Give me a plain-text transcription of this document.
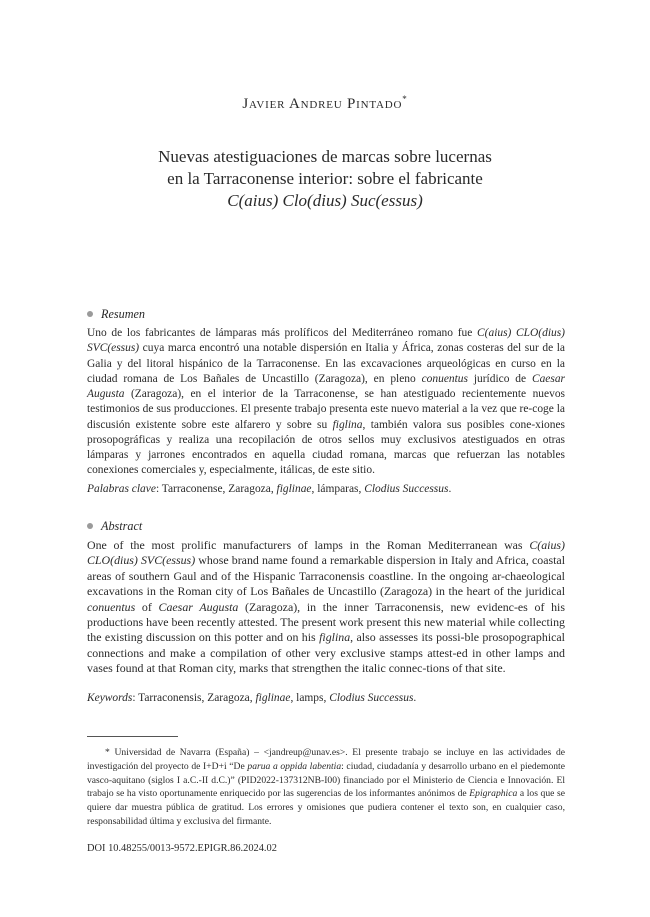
Javier Andreu Pintado*
Nuevas atestiguaciones de marcas sobre lucernas
en la Tarraconense interior: sobre el fabricante
C(aius) Clo(dius) Suc(essus)
Resumen
Uno de los fabricantes de lámparas más prolíficos del Mediterráneo romano fue C(aius) CLO(dius) SVC(essus) cuya marca encontró una notable dispersión en Italia y África, zonas costeras del sur de la Galia y del litoral hispánico de la Tarraconense. En las excavaciones arqueológicas en curso en la ciudad romana de Los Bañales de Uncastillo (Zaragoza), en pleno conuentus jurídico de Caesar Augusta (Zaragoza), en el interior de la Tarraconense, se han atestiguado recientemente nuevos testimonios de sus producciones. El presente trabajo presenta este nuevo material a la vez que re-coge la discusión existente sobre este alfarero y sobre su figlina, también valora sus posibles cone-xiones prosopográficas y realiza una recopilación de otros sellos muy exclusivos atestiguados en otras lámparas y jarrones encontrados en aquella ciudad romana, marcas que refuerzan las notables conexiones comerciales y, especialmente, itálicas, de este sitio.
Palabras clave: Tarraconense, Zaragoza, figlinae, lámparas, Clodius Successus.
Abstract
One of the most prolific manufacturers of lamps in the Roman Mediterranean was C(aius) CLO(dius) SVC(essus) whose brand name found a remarkable dispersion in Italy and Africa, coastal areas of southern Gaul and of the Hispanic Tarraconensis coastline. In the ongoing ar-chaeological excavations in the Roman city of Los Bañales de Uncastillo (Zaragoza) in the heart of the juridical conuentus of Caesar Augusta (Zaragoza), in the inner Tarraconensis, new evidenc-es of his productions have been recently attested. The present work present this new material while collecting the existing discussion on this potter and on his figlina, also assesses its possi-ble prosopographical connections and make a compilation of other very exclusive stamps attest-ed in other lamps and vases found at that Roman city, marks that strengthen the italic connec-tions of that site.
Keywords: Tarraconensis, Zaragoza, figlinae, lamps, Clodius Successus.
* Universidad de Navarra (España) – <jandreup@unav.es>. El presente trabajo se incluye en las actividades de investigación del proyecto de I+D+i “De parua a oppida labentia: ciudad, ciudadanía y desarrollo urbano en el piedemonte vasco-aquitano (siglos I a.C.-II d.C.)” (PID2022-137312NB-I00) financiado por el Ministerio de Ciencia e Innovación. El trabajo se ha visto oportunamente enriquecido por las sugerencias de los informantes anónimos de Epigraphica a los que se quiere dar muestra pública de gratitud. Los errores y omisiones que pudiera contener el texto son, en cualquier caso, responsabilidad última y exclusiva del firmante.
DOI 10.48255/0013-9572.EPIGR.86.2024.02
